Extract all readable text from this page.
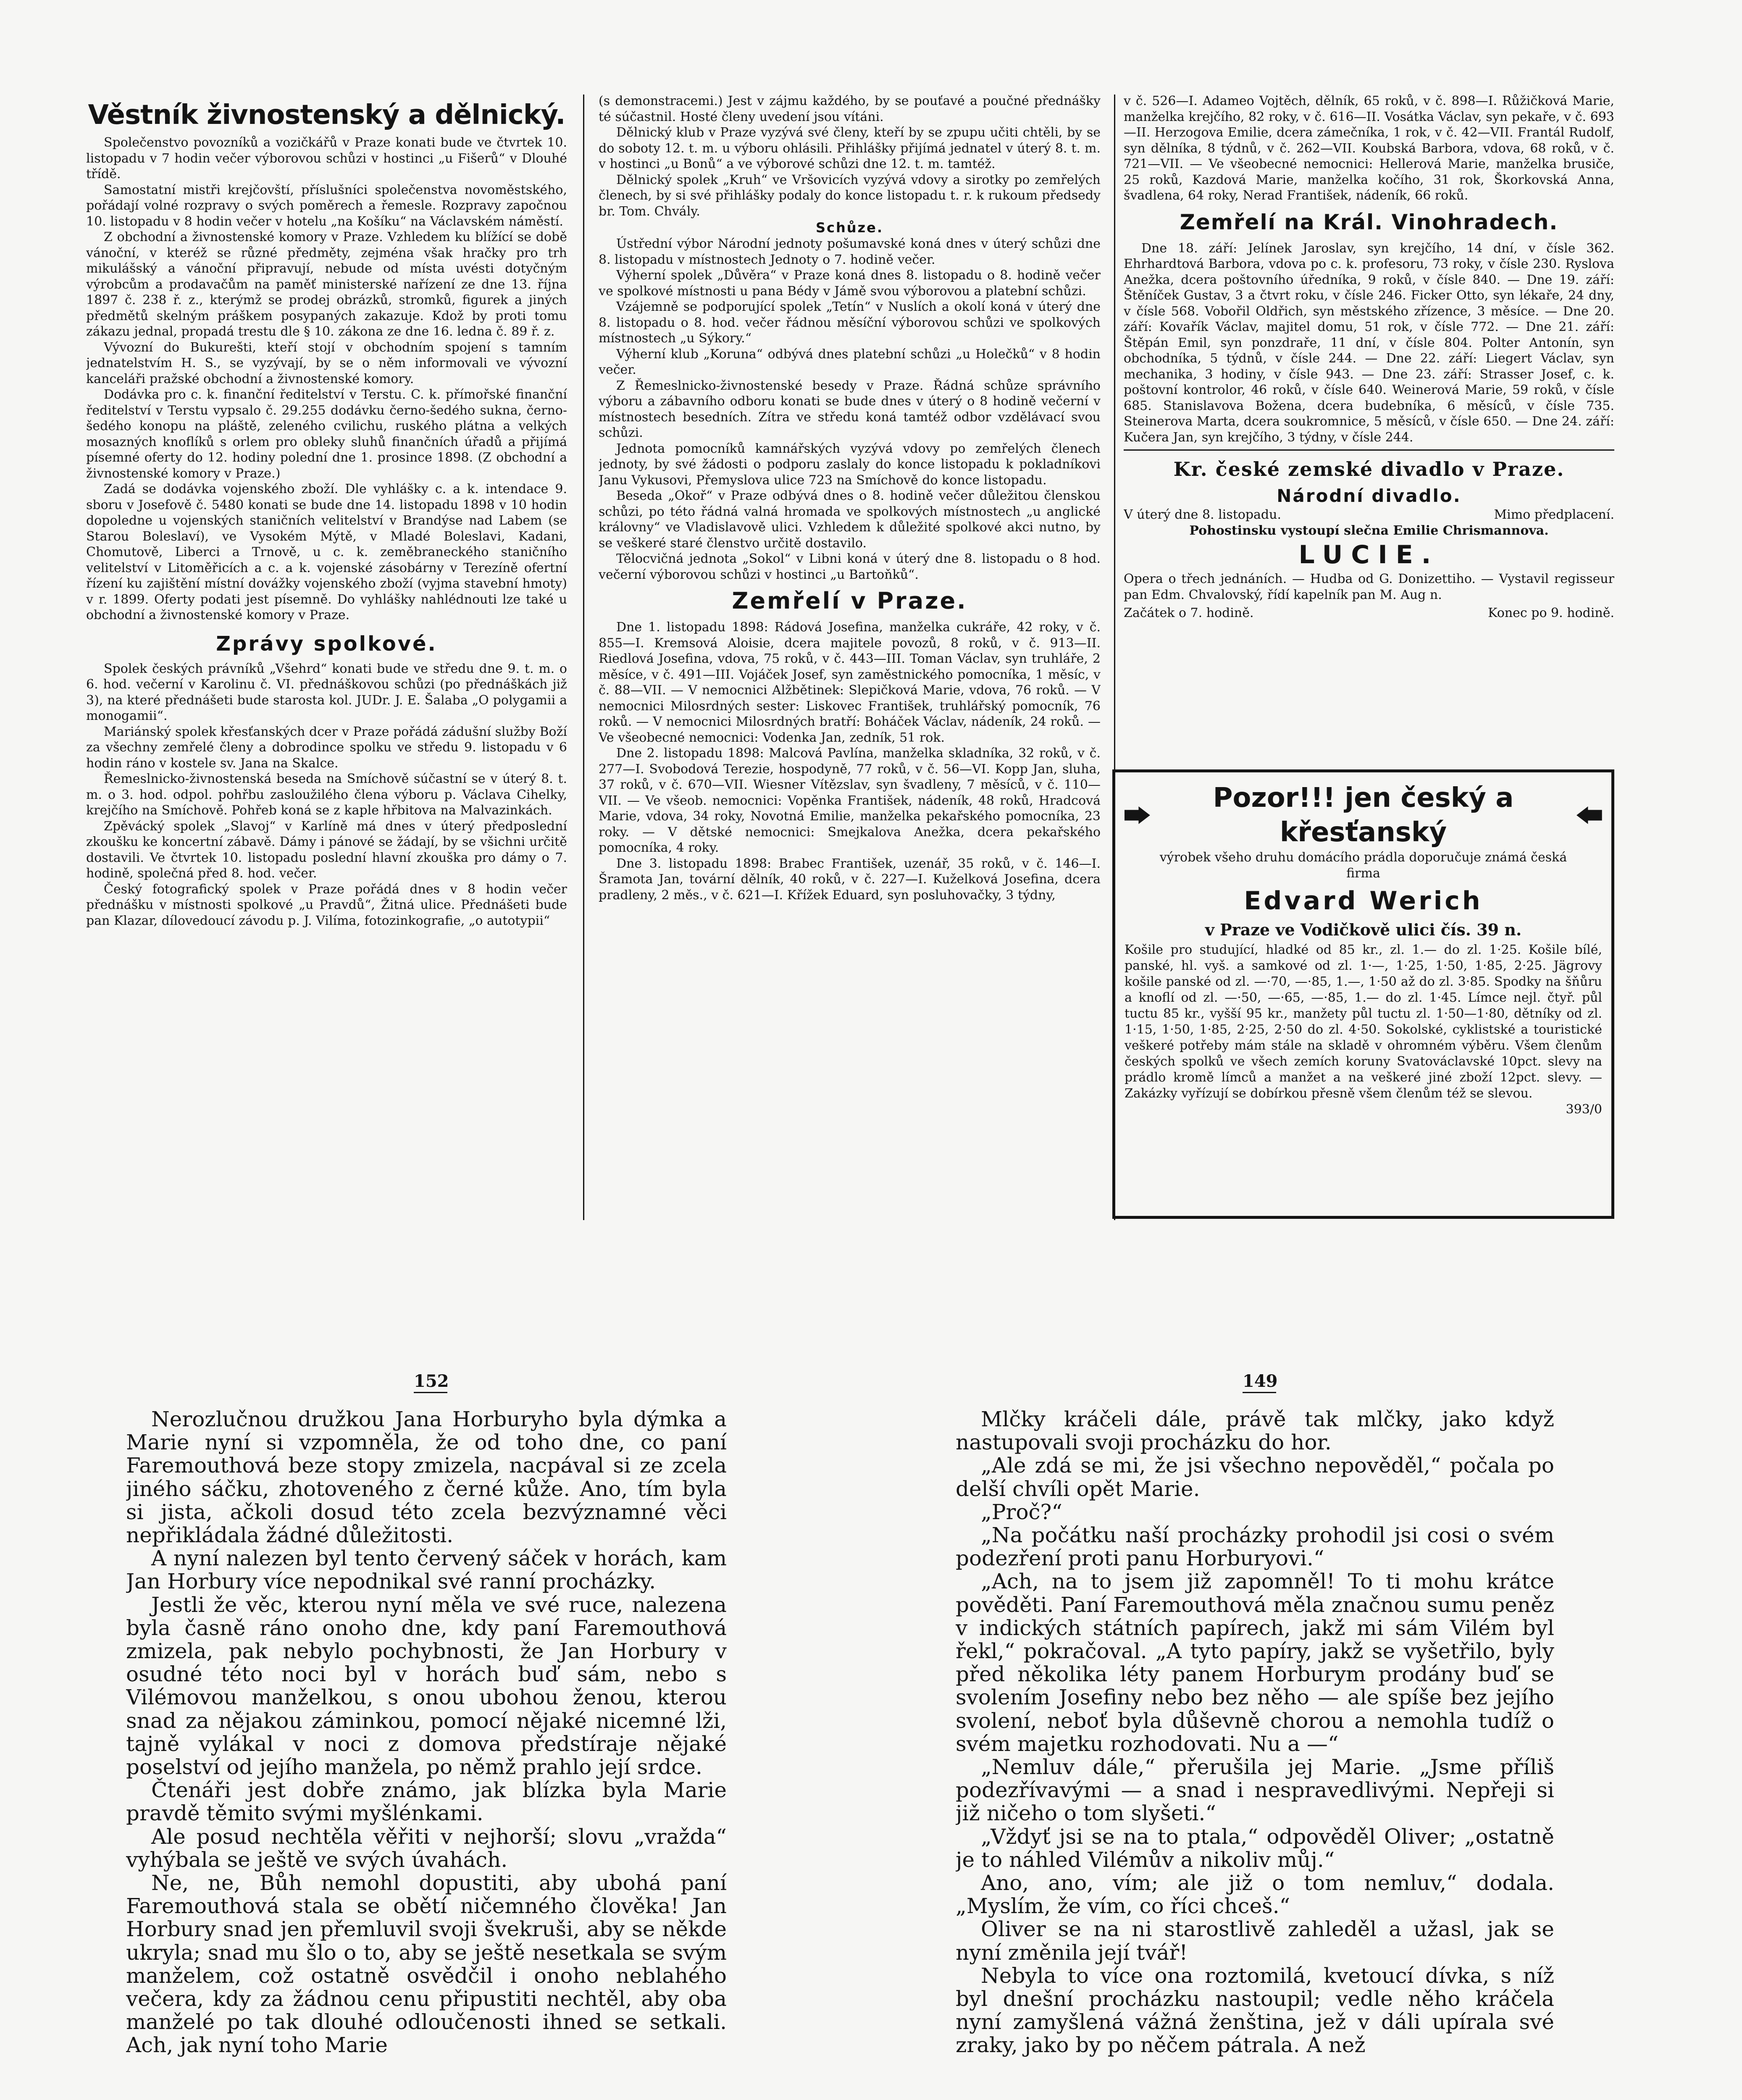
Věstník živnostenský a dělnický.

Společenstvo povozníků a vozičkářů v Praze konati bude ve čtvrtek 10. listopadu v 7 hodin večer výborovou schůzi v hostinci „u Fišerů“ v Dlouhé třídě.

Samostatní mistři krejčovští, příslušníci společenstva novoměstského, pořádají volné rozpravy o svých poměrech a řemesle. Rozpravy započnou 10. listopadu v 8 hodin večer v hotelu „na Košíku“ na Václavském náměstí.

Z obchodní a živnostenské komory v Praze. Vzhledem ku blížící se době vánoční, v kteréž se různé předměty, zejména však hračky pro trh mikulášský a vánoční připravují, nebude od místa uvésti dotyčným výrobcům a prodavačům na paměť ministerské nařízení ze dne 13. října 1897 č. 238 ř. z., kterýmž se prodej obrázků, stromků, figurek a jiných předmětů skelným práškem posypaných zakazuje. Kdož by proti tomu zákazu jednal, propadá trestu dle § 10. zákona ze dne 16. ledna č. 89 ř. z.

Vývozní do Bukurešti, kteří stojí v obchodním spojení s tamním jednatelstvím H. S., se vyzývají, by se o něm informovali ve vývozní kanceláři pražské obchodní a živnostenské komory.

Dodávka pro c. k. finanční ředitelství v Terstu. C. k. přímořské finanční ředitelství v Terstu vypsalo č. 29.255 dodávku černo-šedého sukna, černo-šedého konopu na pláště, zeleného cvilichu, ruského plátna a velkých mosazných knoflíků s orlem pro obleky sluhů finančních úřadů a přijímá písemné oferty do 12. hodiny polední dne 1. prosince 1898. (Z obchodní a živnostenské komory v Praze.)

Zadá se dodávka vojenského zboží. Dle vyhlášky c. a k. intendace 9. sboru v Josefově č. 5480 konati se bude dne 14. listopadu 1898 v 10 hodin dopoledne u vojenských staničních velitelství v Brandýse nad Labem (se Starou Boleslaví), ve Vysokém Mýtě, v Mladé Boleslavi, Kadani, Chomutově, Liberci a Trnově, u c. k. zeměbraneckého staničního velitelství v Litoměřicích a c. a k. vojenské zásobárny v Terezíně ofertní řízení ku zajištění místní dovážky vojenského zboží (vyjma stavební hmoty) v r. 1899. Oferty podati jest písemně. Do vyhlášky nahlédnouti lze také u obchodní a živnostenské komory v Praze.

Zprávy spolkové.

Spolek českých právníků „Všehrd“ konati bude ve středu dne 9. t. m. o 6. hod. večerní v Karolinu č. VI. přednáškovou schůzi (po přednáškách již 3), na které přednášeti bude starosta kol. JUDr. J. E. Šalaba „O polygamii a monogamii“.

Mariánský spolek křesťanských dcer v Praze pořádá zádušní služby Boží za všechny zemřelé členy a dobrodince spolku ve středu 9. listopadu v 6 hodin ráno v kostele sv. Jana na Skalce.

Řemeslnicko-živnostenská beseda na Smíchově súčastní se v úterý 8. t. m. o 3. hod. odpol. pohřbu zasloužilého člena výboru p. Václava Cihelky, krejčího na Smíchově. Pohřeb koná se z kaple hřbitova na Malvazinkách.

Zpěvácký spolek „Slavoj“ v Karlíně má dnes v úterý předposlední zkoušku ke koncertní zábavě. Dámy i pánové se žádají, by se všichni určitě dostavili. Ve čtvrtek 10. listopadu poslední hlavní zkouška pro dámy o 7. hodině, společná před 8. hod. večer.

Český fotografický spolek v Praze pořádá dnes v 8 hodin večer přednášku v místnosti spolkové „u Pravdů“, Žitná ulice. Přednášeti bude pan Klazar, dílovedoucí závodu p. J. Vilíma, fotozinkografie, „o autotypii“

(s demonstracemi.) Jest v zájmu každého, by se pouťavé a poučné přednášky té súčastnil. Hosté členy uvedení jsou vítáni.

Dělnický klub v Praze vyzývá své členy, kteří by se zpupu učiti chtěli, by se do soboty 12. t. m. u výboru ohlásili. Přihlášky přijímá jednatel v úterý 8. t. m. v hostinci „u Bonů“ a ve výborové schůzi dne 12. t. m. tamtéž.

Dělnický spolek „Kruh“ ve Vršovicích vyzývá vdovy a sirotky po zemřelých členech, by si své přihlášky podaly do konce listopadu t. r. k rukoum předsedy br. Tom. Chvály.

Schůze.

Ústřední výbor Národní jednoty pošumavské koná dnes v úterý schůzi dne 8. listopadu v místnostech Jednoty o 7. hodině večer.

Výherní spolek „Důvěra“ v Praze koná dnes 8. listopadu o 8. hodině večer ve spolkové místnosti u pana Bédy v Jámě svou výborovou a platební schůzi.

Vzájemně se podporující spolek „Tetín“ v Nuslích a okolí koná v úterý dne 8. listopadu o 8. hod. večer řádnou měsíční výborovou schůzi ve spolkových místnostech „u Sýkory.“

Výherní klub „Koruna“ odbývá dnes platební schůzi „u Holečků“ v 8 hodin večer.

Z Řemeslnicko-živnostenské besedy v Praze. Řádná schůze správního výboru a zábavního odboru konati se bude dnes v úterý o 8 hodině večerní v místnostech besedních. Zítra ve středu koná tamtéž odbor vzdělávací svou schůzi.

Jednota pomocníků kamnářských vyzývá vdovy po zemřelých členech jednoty, by své žádosti o podporu zaslaly do konce listopadu k pokladníkovi Janu Vykusovi, Přemyslova ulice 723 na Smíchově do konce listopadu.

Beseda „Okoř“ v Praze odbývá dnes o 8. hodině večer důležitou členskou schůzi, po této řádná valná hromada ve spolkových místnostech „u anglické královny“ ve Vladislavově ulici. Vzhledem k důležité spolkové akci nutno, by se veškeré staré členstvo určitě dostavilo.

Tělocvičná jednota „Sokol“ v Libni koná v úterý dne 8. listopadu o 8 hod. večerní výborovou schůzi v hostinci „u Bartoňků“.

Zemřelí v Praze.

Dne 1. listopadu 1898: Rádová Josefina, manželka cukráře, 42 roky, v č. 855—I. Kremsová Aloisie, dcera majitele povozů, 8 roků, v č. 913—II. Riedlová Josefina, vdova, 75 roků, v č. 443—III. Toman Václav, syn truhláře, 2 měsíce, v č. 491—III. Vojáček Josef, syn zaměstnického pomocníka, 1 měsíc, v č. 88—VII. — V nemocnici Alžbětinek: Slepičková Marie, vdova, 76 roků. — V nemocnici Milosrdných sester: Liskovec František, truhlářský pomocník, 76 roků. — V nemocnici Milosrdných bratří: Boháček Václav, nádeník, 24 roků. — Ve všeobecné nemocnici: Vodenka Jan, zedník, 51 rok.

Dne 2. listopadu 1898: Malcová Pavlína, manželka skladníka, 32 roků, v č. 277—I. Svobodová Terezie, hospodyně, 77 roků, v č. 56—VI. Kopp Jan, sluha, 37 roků, v č. 670—VII. Wiesner Vítězslav, syn švadleny, 7 měsíců, v č. 110—VII. — Ve všeob. nemocnici: Vopěnka František, nádeník, 48 roků, Hradcová Marie, vdova, 34 roky, Novotná Emilie, manželka pekařského pomocníka, 23 roky. — V dětské nemocnici: Smejkalova Anežka, dcera pekařského pomocníka, 4 roky.

Dne 3. listopadu 1898: Brabec František, uzenář, 35 roků, v č. 146—I. Šramota Jan, tovární dělník, 40 roků, v č. 227—I. Kuželková Josefina, dcera pradleny, 2 měs., v č. 621—I. Křížek Eduard, syn posluhovačky, 3 týdny,

v č. 526—I. Adameo Vojtěch, dělník, 65 roků, v č. 898—I. Růžičková Marie, manželka krejčího, 82 roky, v č. 616—II. Vosátka Václav, syn pekaře, v č. 693—II. Herzogova Emilie, dcera zámečníka, 1 rok, v č. 42—VII. Frantál Rudolf, syn dělníka, 8 týdnů, v č. 262—VII. Koubská Barbora, vdova, 68 roků, v č. 721—VII. — Ve všeobecné nemocnici: Hellerová Marie, manželka brusiče, 25 roků, Kazdová Marie, manželka kočího, 31 rok, Škorkovská Anna, švadlena, 64 roky, Nerad František, nádeník, 66 roků.

Zemřelí na Král. Vinohradech.

Dne 18. září: Jelínek Jaroslav, syn krejčího, 14 dní, v čísle 362. Ehrhardtová Barbora, vdova po c. k. profesoru, 73 roky, v čísle 230. Ryslova Anežka, dcera poštovního úředníka, 9 roků, v čísle 840. — Dne 19. září: Štěníček Gustav, 3 a čtvrt roku, v čísle 246. Ficker Otto, syn lékaře, 24 dny, v čísle 568. Vobořil Oldřich, syn městského zřízence, 3 měsíce. — Dne 20. září: Kovařík Václav, majitel domu, 51 rok, v čísle 772. — Dne 21. září: Štěpán Emil, syn ponzdraře, 11 dní, v čísle 804. Polter Antonín, syn obchodníka, 5 týdnů, v čísle 244. — Dne 22. září: Liegert Václav, syn mechanika, 3 hodiny, v čísle 943. — Dne 23. září: Strasser Josef, c. k. poštovní kontrolor, 46 roků, v čísle 640. Weinerová Marie, 59 roků, v čísle 685. Stanislavova Božena, dcera budebníka, 6 měsíců, v čísle 735. Steinerova Marta, dcera soukromnice, 5 měsíců, v čísle 650. — Dne 24. září: Kučera Jan, syn krejčího, 3 týdny, v čísle 244.

Kr. české zemské divadlo v Praze.
Národní divadlo.
V úterý dne 8. listopadu.	Mimo předplacení.
Pohostinsku vystoupí slečna Emilie Chrismannova.
LUCIE.

Opera o třech jednáních. — Hudba od G. Donizettiho. — Vystavil regisseur pan Edm. Chvalovský, řídí kapelník pan M. Aug n.

Začátek o 7. hodině.	Konec po 9. hodině.
Pozor!!! jen český a křesťanský
výrobek všeho druhu domácího prádla doporučuje známá česká firma
Edvard Werich
v Praze ve Vodičkově ulici čís. 39 n.
Košile pro studující, hladké od 85 kr., zl. 1.— do zl. 1·25. Košile bílé, panské, hl. vyš. a samkové od zl. 1·—, 1·25, 1·50, 1·85, 2·25. Jägrovy košile panské od zl. —·70, —·85, 1.—, 1·50 až do zl. 3·85. Spodky na šňůru a knoflí od zl. —·50, —·65, —·85, 1.— do zl. 1·45. Límce nejl. čtyř. půl tuctu 85 kr., vyšší 95 kr., manžety půl tuctu zl. 1·50—1·80, dětníky od zl. 1·15, 1·50, 1·85, 2·25, 2·50 do zl. 4·50. Sokolské, cyklistské a touristické veškeré potřeby mám stále na skladě v ohromném výběru. Všem členům českých spolků ve všech zemích koruny Svatováclavské 10pct. slevy na prádlo kromě límců a manžet a na veškeré jiné zboží 12pct. slevy. — Zakázky vyřízují se dobírkou přesně všem členům též se slevou.
393/0
152	149

Nerozlučnou družkou Jana Horburyho byla dýmka a Marie nyní si vzpomněla, že od toho dne, co paní Faremouthová beze stopy zmizela, nacpával si ze zcela jiného sáčku, zhotoveného z černé kůže. Ano, tím byla si jista, ačkoli dosud této zcela bezvýznamné věci nepřikládala žádné důležitosti.

A nyní nalezen byl tento červený sáček v horách, kam Jan Horbury více nepodnikal své ranní procházky.

Jestli že věc, kterou nyní měla ve své ruce, nalezena byla časně ráno onoho dne, kdy paní Faremouthová zmizela, pak nebylo pochybnosti, že Jan Horbury v osudné této noci byl v horách buď sám, nebo s Vilémovou manželkou, s onou ubohou ženou, kterou snad za nějakou záminkou, pomocí nějaké nicemné lži, tajně vylákal v noci z domova předstíraje nějaké poselství od jejího manžela, po němž prahlo její srdce.

Čtenáři jest dobře známo, jak blízka byla Marie pravdě těmito svými myšlénkami.

Ale posud nechtěla věřiti v nejhorší; slovu „vražda“ vyhýbala se ještě ve svých úvahách.

Ne, ne, Bůh nemohl dopustiti, aby ubohá paní Faremouthová stala se obětí ničemného člověka! Jan Horbury snad jen přemluvil svoji švekruši, aby se někde ukryla; snad mu šlo o to, aby se ještě nesetkala se svým manželem, což ostatně osvědčil i onoho neblahého večera, kdy za žádnou cenu připustiti nechtěl, aby oba manželé po tak dlouhé odloučenosti ihned se setkali. Ach, jak nyní toho Marie

Mlčky kráčeli dále, právě tak mlčky, jako když nastupovali svoji procházku do hor.

„Ale zdá se mi, že jsi všechno nepověděl,“ počala po delší chvíli opět Marie.

„Proč?“

„Na počátku naší procházky prohodil jsi cosi o svém podezření proti panu Horburyovi.“

„Ach, na to jsem již zapomněl! To ti mohu krátce pověděti. Paní Faremouthová měla značnou sumu peněz v indických státních papírech, jakž mi sám Vilém byl řekl,“ pokračoval. „A tyto papíry, jakž se vyšetřilo, byly před několika léty panem Horburym prodány buď se svolením Josefiny nebo bez něho — ale spíše bez jejího svolení, neboť byla důševně chorou a nemohla tudíž o svém majetku rozhodovati. Nu a —“

„Nemluv dále,“ přerušila jej Marie. „Jsme příliš podezřívavými — a snad i nespravedlivými. Nepřeji si již ničeho o tom slyšeti.“

„Vždyť jsi se na to ptala,“ odpověděl Oliver; „ostatně je to náhled Vilémův a nikoliv můj.“

Ano, ano, vím; ale již o tom nemluv,“ dodala. „Myslím, že vím, co říci chceš.“

Oliver se na ni starostlivě zahleděl a užasl, jak se nyní změnila její tvář!

Nebyla to více ona roztomilá, kvetoucí dívka, s níž byl dnešní procházku nastoupil; vedle něho kráčela nyní zamyšlená vážná ženština, jež v dáli upírala své zraky, jako by po něčem pátrala. A než
